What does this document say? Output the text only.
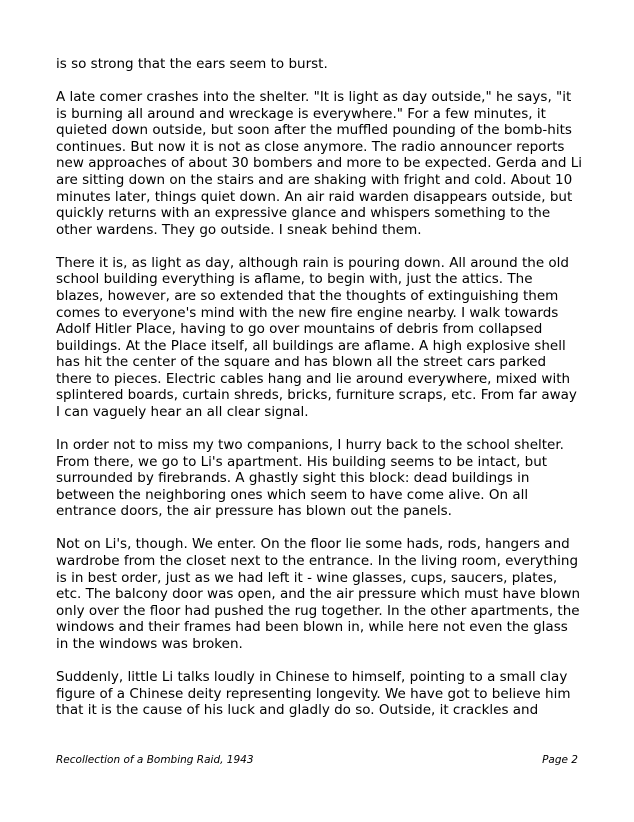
is so strong that the ears seem to burst.

A late comer crashes into the shelter. "It is light as day outside," he says, "it is burning all around and wreckage is everywhere." For a few minutes, it quieted down outside, but soon after the muffled pounding of the bomb-hits continues. But now it is not as close anymore. The radio announcer reports new approaches of about 30 bombers and more to be expected. Gerda and Li are sitting down on the stairs and are shaking with fright and cold. About 10 minutes later, things quiet down. An air raid warden disappears outside, but quickly returns with an expressive glance and whispers something to the other wardens. They go outside. I sneak behind them.

There it is, as light as day, although rain is pouring down. All around the old school building everything is aflame, to begin with, just the attics. The blazes, however, are so extended that the thoughts of extinguishing them comes to everyone's mind with the new fire engine nearby. I walk towards Adolf Hitler Place, having to go over mountains of debris from collapsed buildings. At the Place itself, all buildings are aflame. A high explosive shell has hit the center of the square and has blown all the street cars parked there to pieces. Electric cables hang and lie around everywhere, mixed with splintered boards, curtain shreds, bricks, furniture scraps, etc. From far away I can vaguely hear an all clear signal.

In order not to miss my two companions, I hurry back to the school shelter. From there, we go to Li's apartment. His building seems to be intact, but surrounded by firebrands. A ghastly sight this block: dead buildings in between the neighboring ones which seem to have come alive. On all entrance doors, the air pressure has blown out the panels.

Not on Li's, though. We enter. On the floor lie some hads, rods, hangers and wardrobe from the closet next to the entrance. In the living room, everything is in best order, just as we had left it - wine glasses, cups, saucers, plates, etc. The balcony door was open, and the air pressure which must have blown only over the floor had pushed the rug together. In the other apartments, the windows and their frames had been blown in, while here not even the glass in the windows was broken.

Suddenly, little Li talks loudly in Chinese to himself, pointing to a small clay figure of a Chinese deity representing longevity. We have got to believe him that it is the cause of his luck and gladly do so. Outside, it crackles and

Recollection of a Bombing Raid, 1943	Page 2
